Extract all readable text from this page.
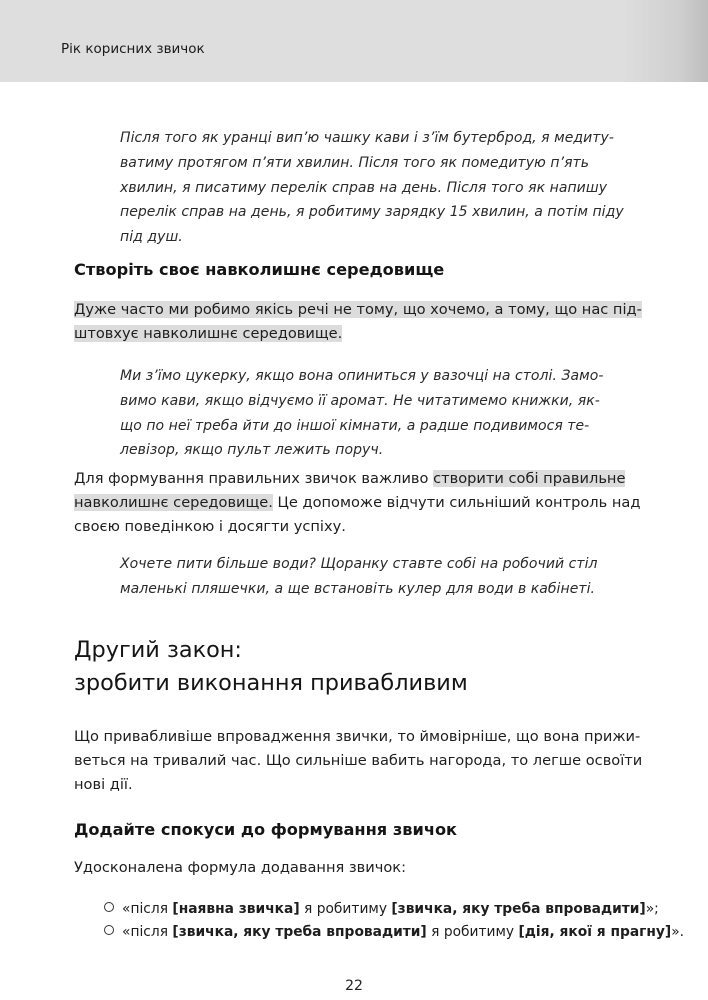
Рік корисних звичок
Після того як уранці вип’ю чашку кави і з’їм бутерброд, я медиту-
ватиму протягом п’яти хвилин. Після того як помедитую п’ять
хвилин, я писатиму перелік справ на день. Після того як напишу
перелік справ на день, я робитиму зарядку 15 хвилин, а потім піду
під душ.
Створіть своє навколишнє середовище
Дуже часто ми робимо якісь речі не тому, що хочемо, а тому, що нас під-
штовхує навколишнє середовище.
Ми з’їмо цукерку, якщо вона опиниться у вазочці на столі. Замо-
вимо кави, якщо відчуємо її аромат. Не читатимемо книжки, як-
що по неї треба йти до іншої кімнати, а радше подивимося те-
левізор, якщо пульт лежить поруч.
Для формування правильних звичок важливо створити собі правильне
навколишнє середовище. Це допоможе відчути сильніший контроль над
своєю поведінкою і досягти успіху.
Хочете пити більше води? Щоранку ставте собі на робочий стіл
маленькі пляшечки, а ще встановіть кулер для води в кабінеті.
Другий закон:
зробити виконання привабливим
Що привабливіше впровадження звички, то ймовірніше, що вона прижи-
веться на тривалий час. Що сильніше вабить нагорода, то легше освоїти
нові дії.
Додайте спокуси до формування звичок
Удосконалена формула додавання звичок:
«після [наявна звичка] я робитиму [звичка, яку треба впровадити]»;
«після [звичка, яку треба впровадити] я робитиму [дія, якої я прагну]».
22
